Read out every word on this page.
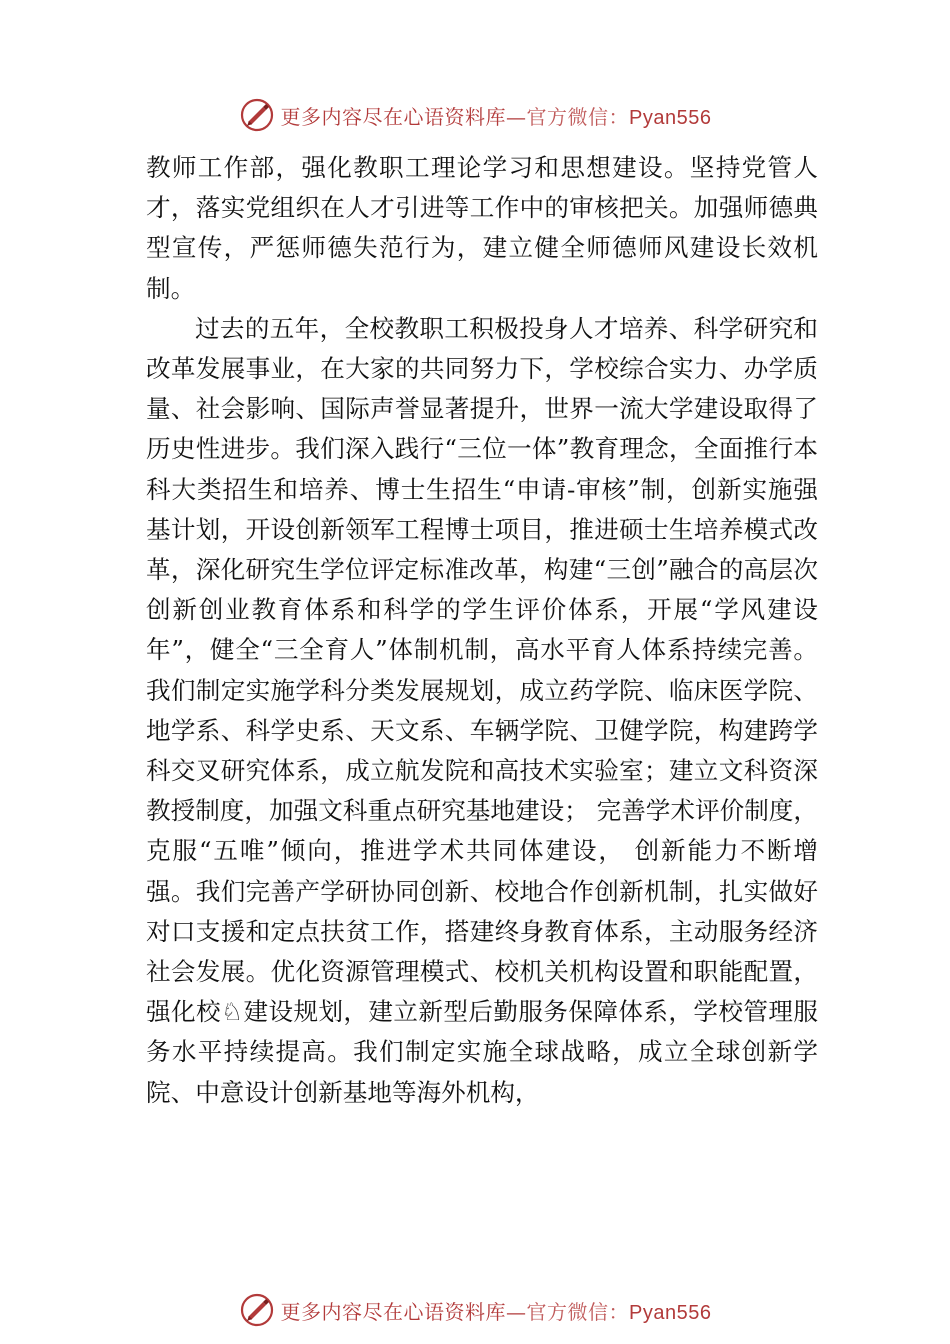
更多内容尽在心语资料库—官方微信：Pyan556

教师工作部，强化教职工理论学习和思想建设。坚持党管人才，落实党组织在人才引进等工作中的审核把关。加强师德典型宣传，严惩师德失范行为，建立健全师德师风建设长效机制。

过去的五年，全校教职工积极投身人才培养、科学研究和改革发展事业，在大家的共同努力下，学校综合实力、办学质量、社会影响、国际声誉显著提升，世界一流大学建设取得了历史性进步。我们深入践行“三位一体”教育理念，全面推行本科大类招生和培养、博士生招生“申请-审核”制，创新实施强基计划，开设创新领军工程博士项目，推进硕士生培养模式改革，深化研究生学位评定标准改革，构建“三创”融合的高层次创新创业教育体系和科学的学生评价体系，开展“学风建设年”，健全“三全育人”体制机制，高水平育人体系持续完善。我们制定实施学科分类发展规划，成立药学院、临床医学院、地学系、科学史系、天文系、车辆学院、卫健学院，构建跨学科交叉研究体系，成立航发院和高技术实验室；建立文科资深教授制度，加强文科重点研究基地建设； 完善学术评价制度，克服“五唯”倾向，推进学术共同体建设， 创新能力不断增强。我们完善产学研协同创新、校地合作创新机制，扎实做好对口支援和定点扶贫工作，搭建终身教育体系，主动服务经济社会发展。优化资源管理模式、校机关机构设置和职能配置，强化校♘建设规划，建立新型后勤服务保障体系，学校管理服务水平持续提高。我们制定实施全球战略，成立全球创新学院、中意设计创新基地等海外机构，

更多内容尽在心语资料库—官方微信：Pyan556
